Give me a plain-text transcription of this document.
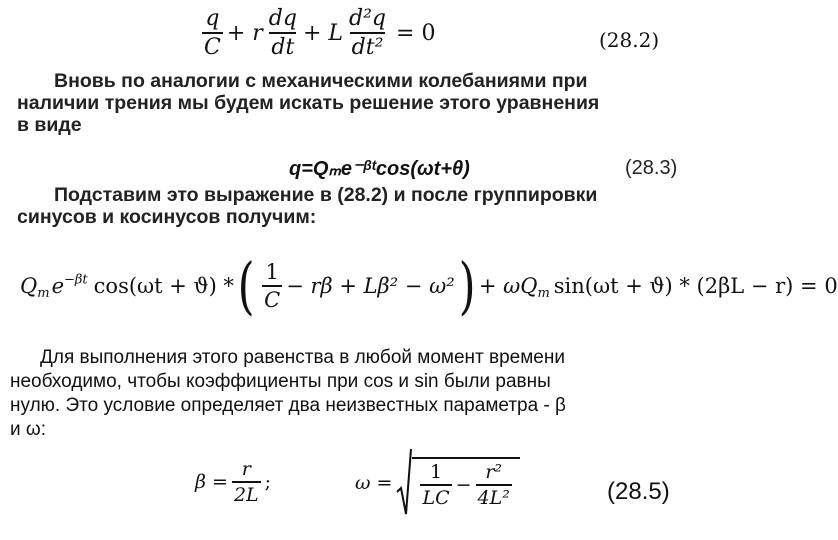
$\frac{q}{C} + r \frac{dq}{dt} + L \frac{\text{d²q}}{\text{dt²}} = 0$	(28.2)
Вновь по аналогии с механическими колебаниями при
наличии трения мы будем искать решение этого уравнения
в виде
q=Qₘe⁻ᵝᵗcos(ωt+θ)	(28.3)
Подставим это выражение в (28.2) и после группировки
синусов и косинусов получим:
$Q_m$ $e^{-\beta t}$ cos(ωt + ϑ) * ( $\frac{1}{C} - r\beta + L\beta^2 - \omega^2$ ) + $\omega Q_m$ sin(ωt + ϑ) * (2βL − r) = 0
Для выполнения этого равенства в любой момент времени
необходимо, чтобы коэффициенты при cos и sin были равны
нулю. Это условие определяет два неизвестных параметра - β
и ω:
$\beta = \frac{r}{2L}$ ;	$\omega = \frac{1}{LC} - \frac{\text{r²}}{\text{4L²}}$	(28.5)
